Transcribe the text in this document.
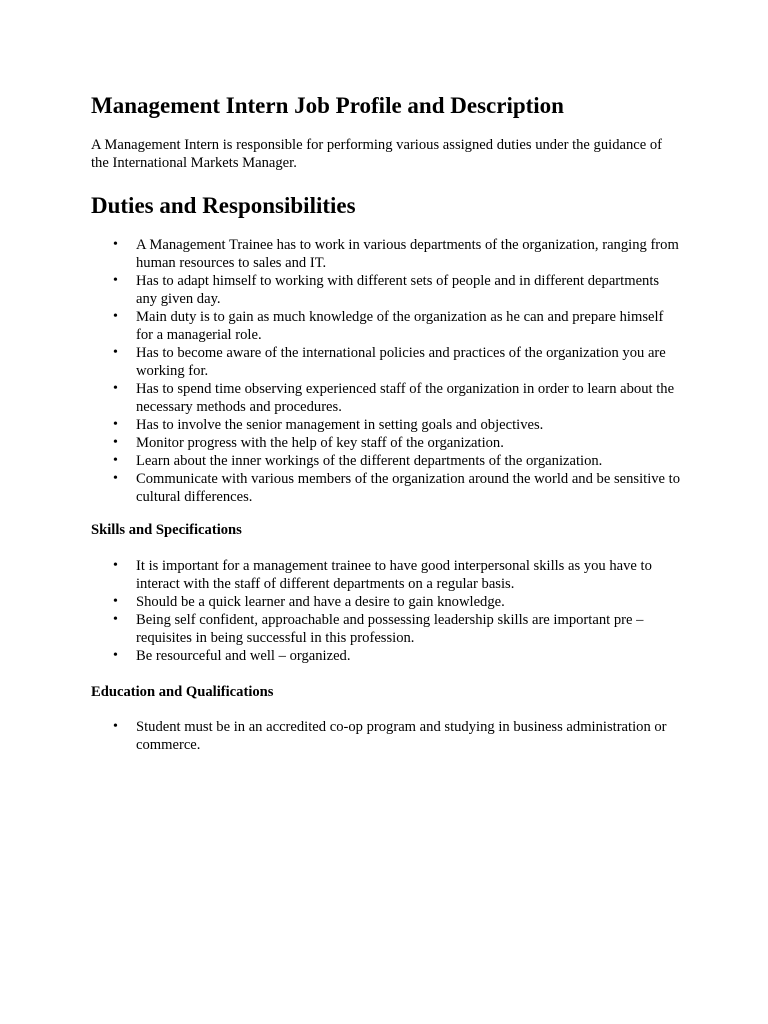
Management Intern Job Profile and Description

A Management Intern is responsible for performing various assigned duties under the guidance of the International Markets Manager.

Duties and Responsibilities
• A Management Trainee has to work in various departments of the organization, ranging from human resources to sales and IT.
• Has to adapt himself to working with different sets of people and in different departments any given day.
• Main duty is to gain as much knowledge of the organization as he can and prepare himself for a managerial role.
• Has to become aware of the international policies and practices of the organization you are working for.
• Has to spend time observing experienced staff of the organization in order to learn about the necessary methods and procedures.
• Has to involve the senior management in setting goals and objectives.
• Monitor progress with the help of key staff of the organization.
• Learn about the inner workings of the different departments of the organization.
• Communicate with various members of the organization around the world and be sensitive to cultural differences.
Skills and Specifications
• It is important for a management trainee to have good interpersonal skills as you have to interact with the staff of different departments on a regular basis.
• Should be a quick learner and have a desire to gain knowledge.
• Being self confident, approachable and possessing leadership skills are important pre – requisites in being successful in this profession.
• Be resourceful and well – organized.
Education and Qualifications
• Student must be in an accredited co-op program and studying in business administration or commerce.
